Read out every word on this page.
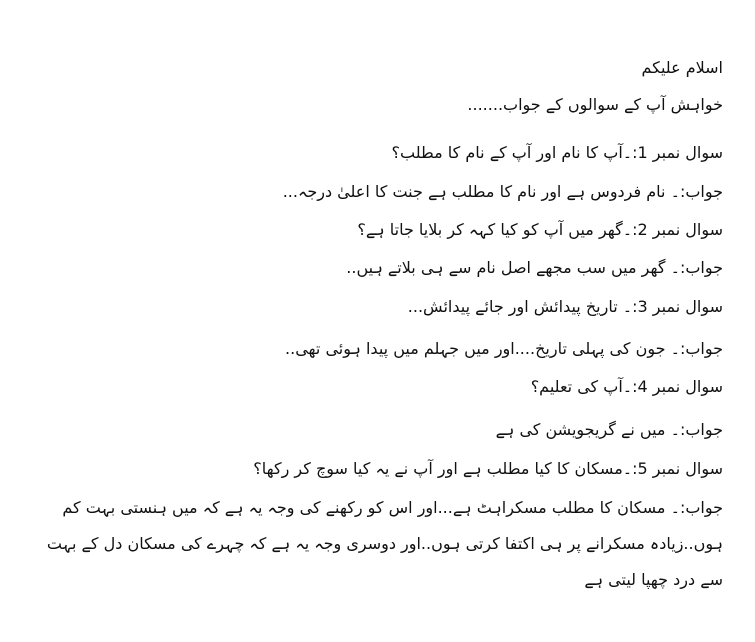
اسلام علیکم
خواہش آپ کے سوالوں کے جواب.......
سوال نمبر 1:۔آپ کا نام اور آپ کے نام کا مطلب؟
جواب:۔ نام فردوس ہے اور نام کا مطلب ہے جنت کا اعلیٰ درجہ...
سوال نمبر 2:۔گھر میں آپ کو کیا کہہ کر بلایا جاتا ہے؟
جواب:۔ گھر میں سب مجھے اصل نام سے ہی بلاتے ہیں..
سوال نمبر 3:۔ تاریخ پیدائش اور جائے پیدائش...
جواب:۔ جون کی پہلی تاریخ....اور میں جہلم میں پیدا ہوئی تھی..
سوال نمبر 4:۔آپ کی تعلیم؟
جواب:۔ میں نے گریجویشن کی ہے
سوال نمبر 5:۔مسکان کا کیا مطلب ہے اور آپ نے یہ کیا سوچ کر رکھا؟
جواب:۔ مسکان کا مطلب مسکراہٹ ہے...اور اس کو رکھنے کی وجہ یہ ہے کہ میں ہنستی بہت کم ہوں..زیادہ مسکرانے پر ہی اکتفا کرتی ہوں..اور دوسری وجہ یہ ہے کہ چہرے کی مسکان دل کے بہت سے درد چھپا لیتی ہے
